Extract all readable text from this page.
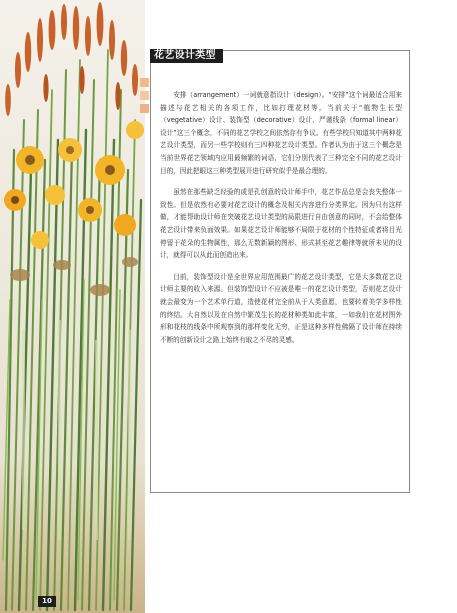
花艺设计类型

安排（arrangement）一词就意指设计（design）。“安排”这个词最适合用来描述与花艺相关的各项工作，比如打理花材等。当前关于“植物生长型（vegetative）设计、装饰型（decorative）设计、严谨线条（formal linear）设计”这三个概念，不同的花艺学校之间依然存有争议。有些学校只知道其中两种花艺设计类型，而另一些学校则有三四种花艺设计类型。作者认为由于这三个概念是当前世界花艺领域内应用最频繁的词语，它们分别代表了三种完全不同的花艺设计目的，因此把眼这三种类型展开进行研究似乎是最合理的。

虽然在那些缺乏经验的或是孔创意的设计师手中，花艺作品总是会丧失整体一致性。但是依然有必要对花艺设计的概念及相关内容进行分类界定。因为只有这样做，才能帮助设计师在突破花艺设计类型的局限进行自由创意的同时，不会给整体花艺设计带来负面效果。如果花艺设计师能够不局限于花材的个性特征或者将目光停留于花朵的生物属性，那么无数新颖的图形、形式甚至花艺趣律等就所未见的设计，就得可以从此而创造出来。

目前，装饰型设计是全世界应用范围最广的花艺设计类型，它是大多数花艺设计师主要的收入来源。但装饰型设计不应被是唯一的花艺设计类型，否则花艺设计就会最变为一个艺术单行道，造使花材完全前从于人类意愿，也要转着美学多样性的终结。大自然以及在自然中繁茂生长的花材种类如此丰富，一如我们在花材图外形和花枝的线条中所观察到的那样变化无穷，正是这种多样性佛隔了设计师在持续不断的创新设计之路上始终有取之不尽的灵感。

10
